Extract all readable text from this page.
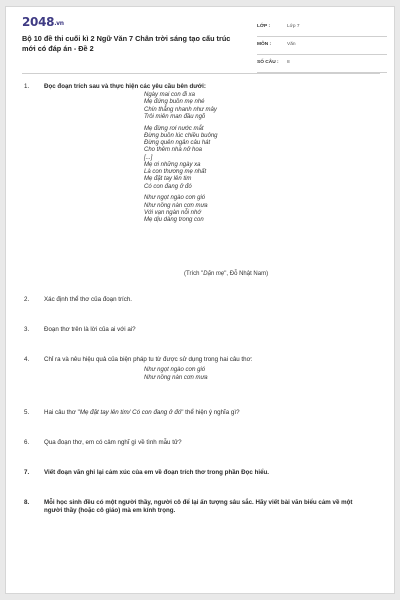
2048.vn
Bộ 10 đề thi cuối kì 2 Ngữ Văn 7 Chân trời sáng tạo cấu trúc mới có đáp án - Đề 2
LỚP :	Lớp 7
MÔN :	Văn
SỐ CÂU : 8
1.	Đọc đoạn trích sau và thực hiện các yêu cầu bên dưới:
Ngày mai con đi xa
Mẹ đứng buồn mẹ nhé
Chín thẳng nhanh như mây
Trôi miên man đầu ngõ
Mẹ đừng rơi nước mắt
Đừng buồn lúc chiều buông
Đừng quên ngân câu hát
Cho thêm nhà nở hoa
[...]
Mẹ ơi những ngày xa
Là con thương mẹ nhất
Mẹ đặt tay lên tim
Có con đang ở đó
Như ngọt ngào cơn gió
Như nồng nàn cơn mưa
Với vạn ngàn nỗi nhớ
Mẹ dịu dàng trong con
(Trích "Dặn mẹ", Đỗ Nhật Nam)
2.	Xác định thể thơ của đoạn trích.
3.	Đoạn thơ trên là lời của ai với ai?
4.	Chỉ ra và nêu hiệu quả của biện pháp tu từ được sử dụng trong hai câu thơ:
Như ngọt ngào cơn gió
Như nồng nàn cơn mưa
5.	Hai câu thơ "Mẹ đặt tay lên tim/ Có con đang ở đó" thể hiện ý nghĩa gì?
6.	Qua đoạn thơ, em có cảm nghĩ gì về tình mẫu tử?
7.	Viết đoạn văn ghi lại cảm xúc của em về đoạn trích thơ trong phần Đọc hiểu.
8.	Mỗi học sinh đều có một người thầy, người cô để lại ấn tượng sâu sắc. Hãy viết bài văn biểu cảm về một người thầy (hoặc cô giáo) mà em kính trọng.
